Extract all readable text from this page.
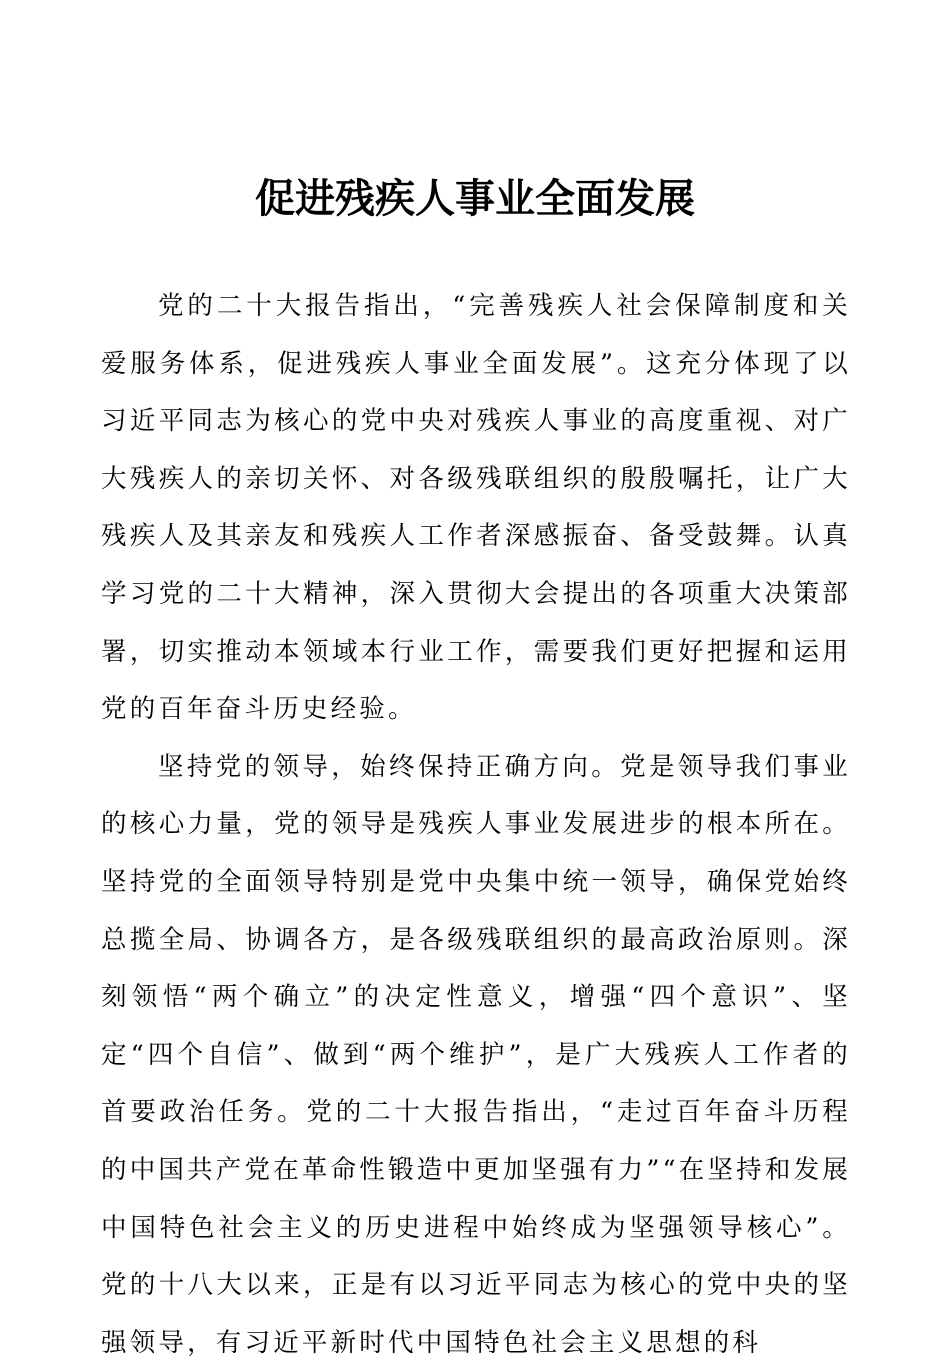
促进残疾人事业全面发展

党的二十大报告指出，“完善残疾人社会保障制度和关爱服务体系，促进残疾人事业全面发展”。这充分体现了以习近平同志为核心的党中央对残疾人事业的高度重视、对广大残疾人的亲切关怀、对各级残联组织的殷殷嘱托，让广大残疾人及其亲友和残疾人工作者深感振奋、备受鼓舞。认真学习党的二十大精神，深入贯彻大会提出的各项重大决策部署，切实推动本领域本行业工作，需要我们更好把握和运用党的百年奋斗历史经验。

坚持党的领导，始终保持正确方向。党是领导我们事业的核心力量，党的领导是残疾人事业发展进步的根本所在。坚持党的全面领导特别是党中央集中统一领导，确保党始终总揽全局、协调各方，是各级残联组织的最高政治原则。深刻领悟“两个确立”的决定性意义，增强“四个意识”、坚定“四个自信”、做到“两个维护”，是广大残疾人工作者的首要政治任务。党的二十大报告指出，“走过百年奋斗历程的中国共产党在革命性锻造中更加坚强有力”“在坚持和发展中国特色社会主义的历史进程中始终成为坚强领导核心”。党的十八大以来，正是有以习近平同志为核心的党中央的坚强领导，有习近平新时代中国特色社会主义思想的科
